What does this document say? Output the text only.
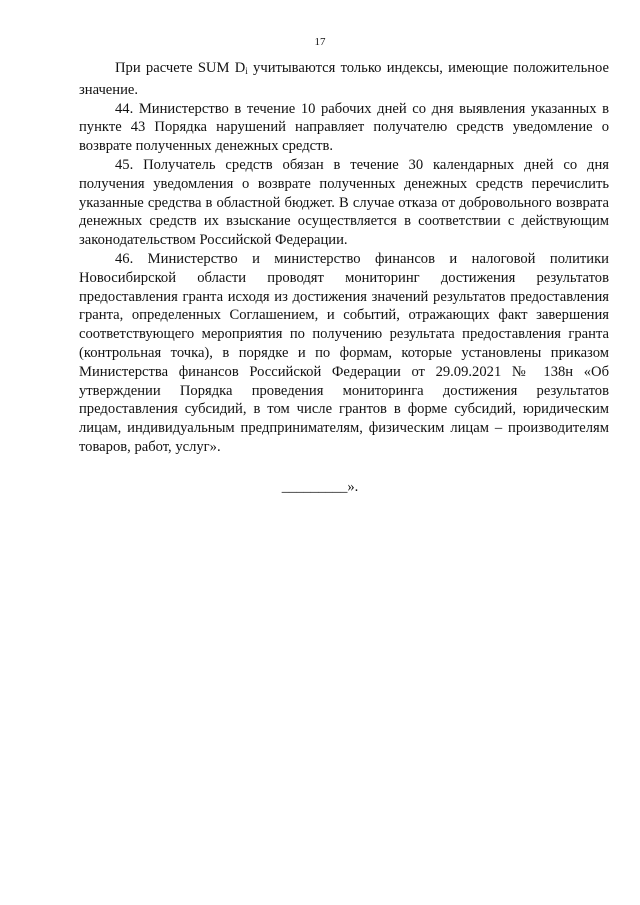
17

При расчете SUM $D_i$ учитываются только индексы, имеющие положительное значение.

44. Министерство в течение 10 рабочих дней со дня выявления указанных в пункте 43 Порядка нарушений направляет получателю средств уведомление о возврате полученных денежных средств.

45. Получатель средств обязан в течение 30 календарных дней со дня получения уведомления о возврате полученных денежных средств перечислить указанные средства в областной бюджет. В случае отказа от добровольного возврата денежных средств их взыскание осуществляется в соответствии с действующим законодательством Российской Федерации.

46. Министерство и министерство финансов и налоговой политики Новосибирской области проводят мониторинг достижения результатов предоставления гранта исходя из достижения значений результатов предоставления гранта, определенных Соглашением, и событий, отражающих факт завершения соответствующего мероприятия по получению результата предоставления гранта (контрольная точка), в порядке и по формам, которые установлены приказом Министерства финансов Российской Федерации от 29.09.2021 № 138н «Об утверждении Порядка проведения мониторинга достижения результатов предоставления субсидий, в том числе грантов в форме субсидий, юридическим лицам, индивидуальным предпринимателям, физическим лицам – производителям товаров, работ, услуг».

_________».
